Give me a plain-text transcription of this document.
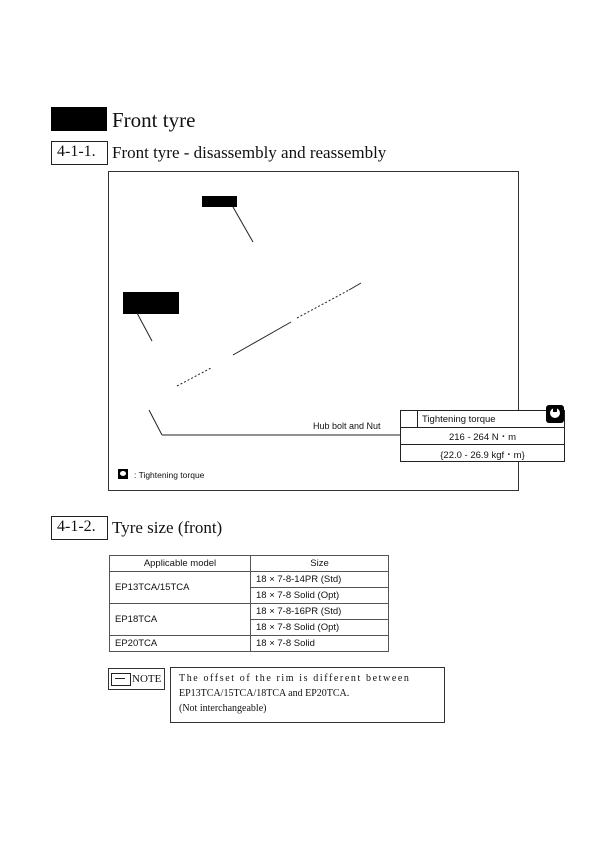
Front tyre
4-1-1. Front tyre - disassembly and reassembly
Hub bolt and Nut
Tightening torque
216 - 264 N・m
{22.0 - 26.9 kgf・m}
: Tightening torque
4-1-2. Tyre size (front)
Applicable model	Size
EP13TCA/15TCA	18 × 7-8-14PR (Std)
	18 × 7-8 Solid (Opt)
EP18TCA	18 × 7-8-16PR (Std)
	18 × 7-8 Solid (Opt)
EP20TCA	18 × 7-8 Solid
NOTE The offset of the rim is different between
EP13TCA/15TCA/18TCA and EP20TCA.
(Not interchangeable)
